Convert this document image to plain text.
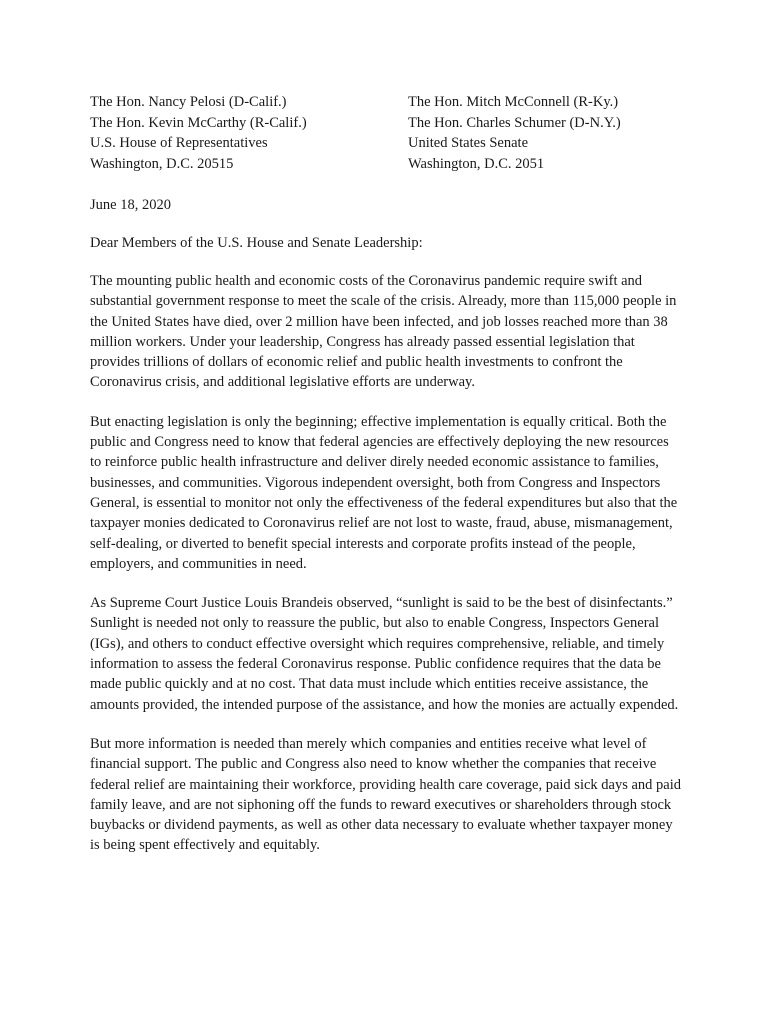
The Hon. Nancy Pelosi (D-Calif.)
The Hon. Kevin McCarthy (R-Calif.)
U.S. House of Representatives
Washington, D.C. 20515
The Hon. Mitch McConnell (R-Ky.)
The Hon. Charles Schumer (D-N.Y.)
United States Senate
Washington, D.C. 2051
June 18, 2020
Dear Members of the U.S. House and Senate Leadership:

The mounting public health and economic costs of the Coronavirus pandemic require swift and substantial government response to meet the scale of the crisis. Already, more than 115,000 people in the United States have died, over 2 million have been infected, and job losses reached more than 38 million workers. Under your leadership, Congress has already passed essential legislation that provides trillions of dollars of economic relief and public health investments to confront the Coronavirus crisis, and additional legislative efforts are underway.

But enacting legislation is only the beginning; effective implementation is equally critical. Both the public and Congress need to know that federal agencies are effectively deploying the new resources to reinforce public health infrastructure and deliver direly needed economic assistance to families, businesses, and communities. Vigorous independent oversight, both from Congress and Inspectors General, is essential to monitor not only the effectiveness of the federal expenditures but also that the taxpayer monies dedicated to Coronavirus relief are not lost to waste, fraud, abuse, mismanagement, self-dealing, or diverted to benefit special interests and corporate profits instead of the people, employers, and communities in need.

As Supreme Court Justice Louis Brandeis observed, “sunlight is said to be the best of disinfectants.” Sunlight is needed not only to reassure the public, but also to enable Congress, Inspectors General (IGs), and others to conduct effective oversight which requires comprehensive, reliable, and timely information to assess the federal Coronavirus response. Public confidence requires that the data be made public quickly and at no cost. That data must include which entities receive assistance, the amounts provided, the intended purpose of the assistance, and how the monies are actually expended.

But more information is needed than merely which companies and entities receive what level of financial support. The public and Congress also need to know whether the companies that receive federal relief are maintaining their workforce, providing health care coverage, paid sick days and paid family leave, and are not siphoning off the funds to reward executives or shareholders through stock buybacks or dividend payments, as well as other data necessary to evaluate whether taxpayer money is being spent effectively and equitably.
